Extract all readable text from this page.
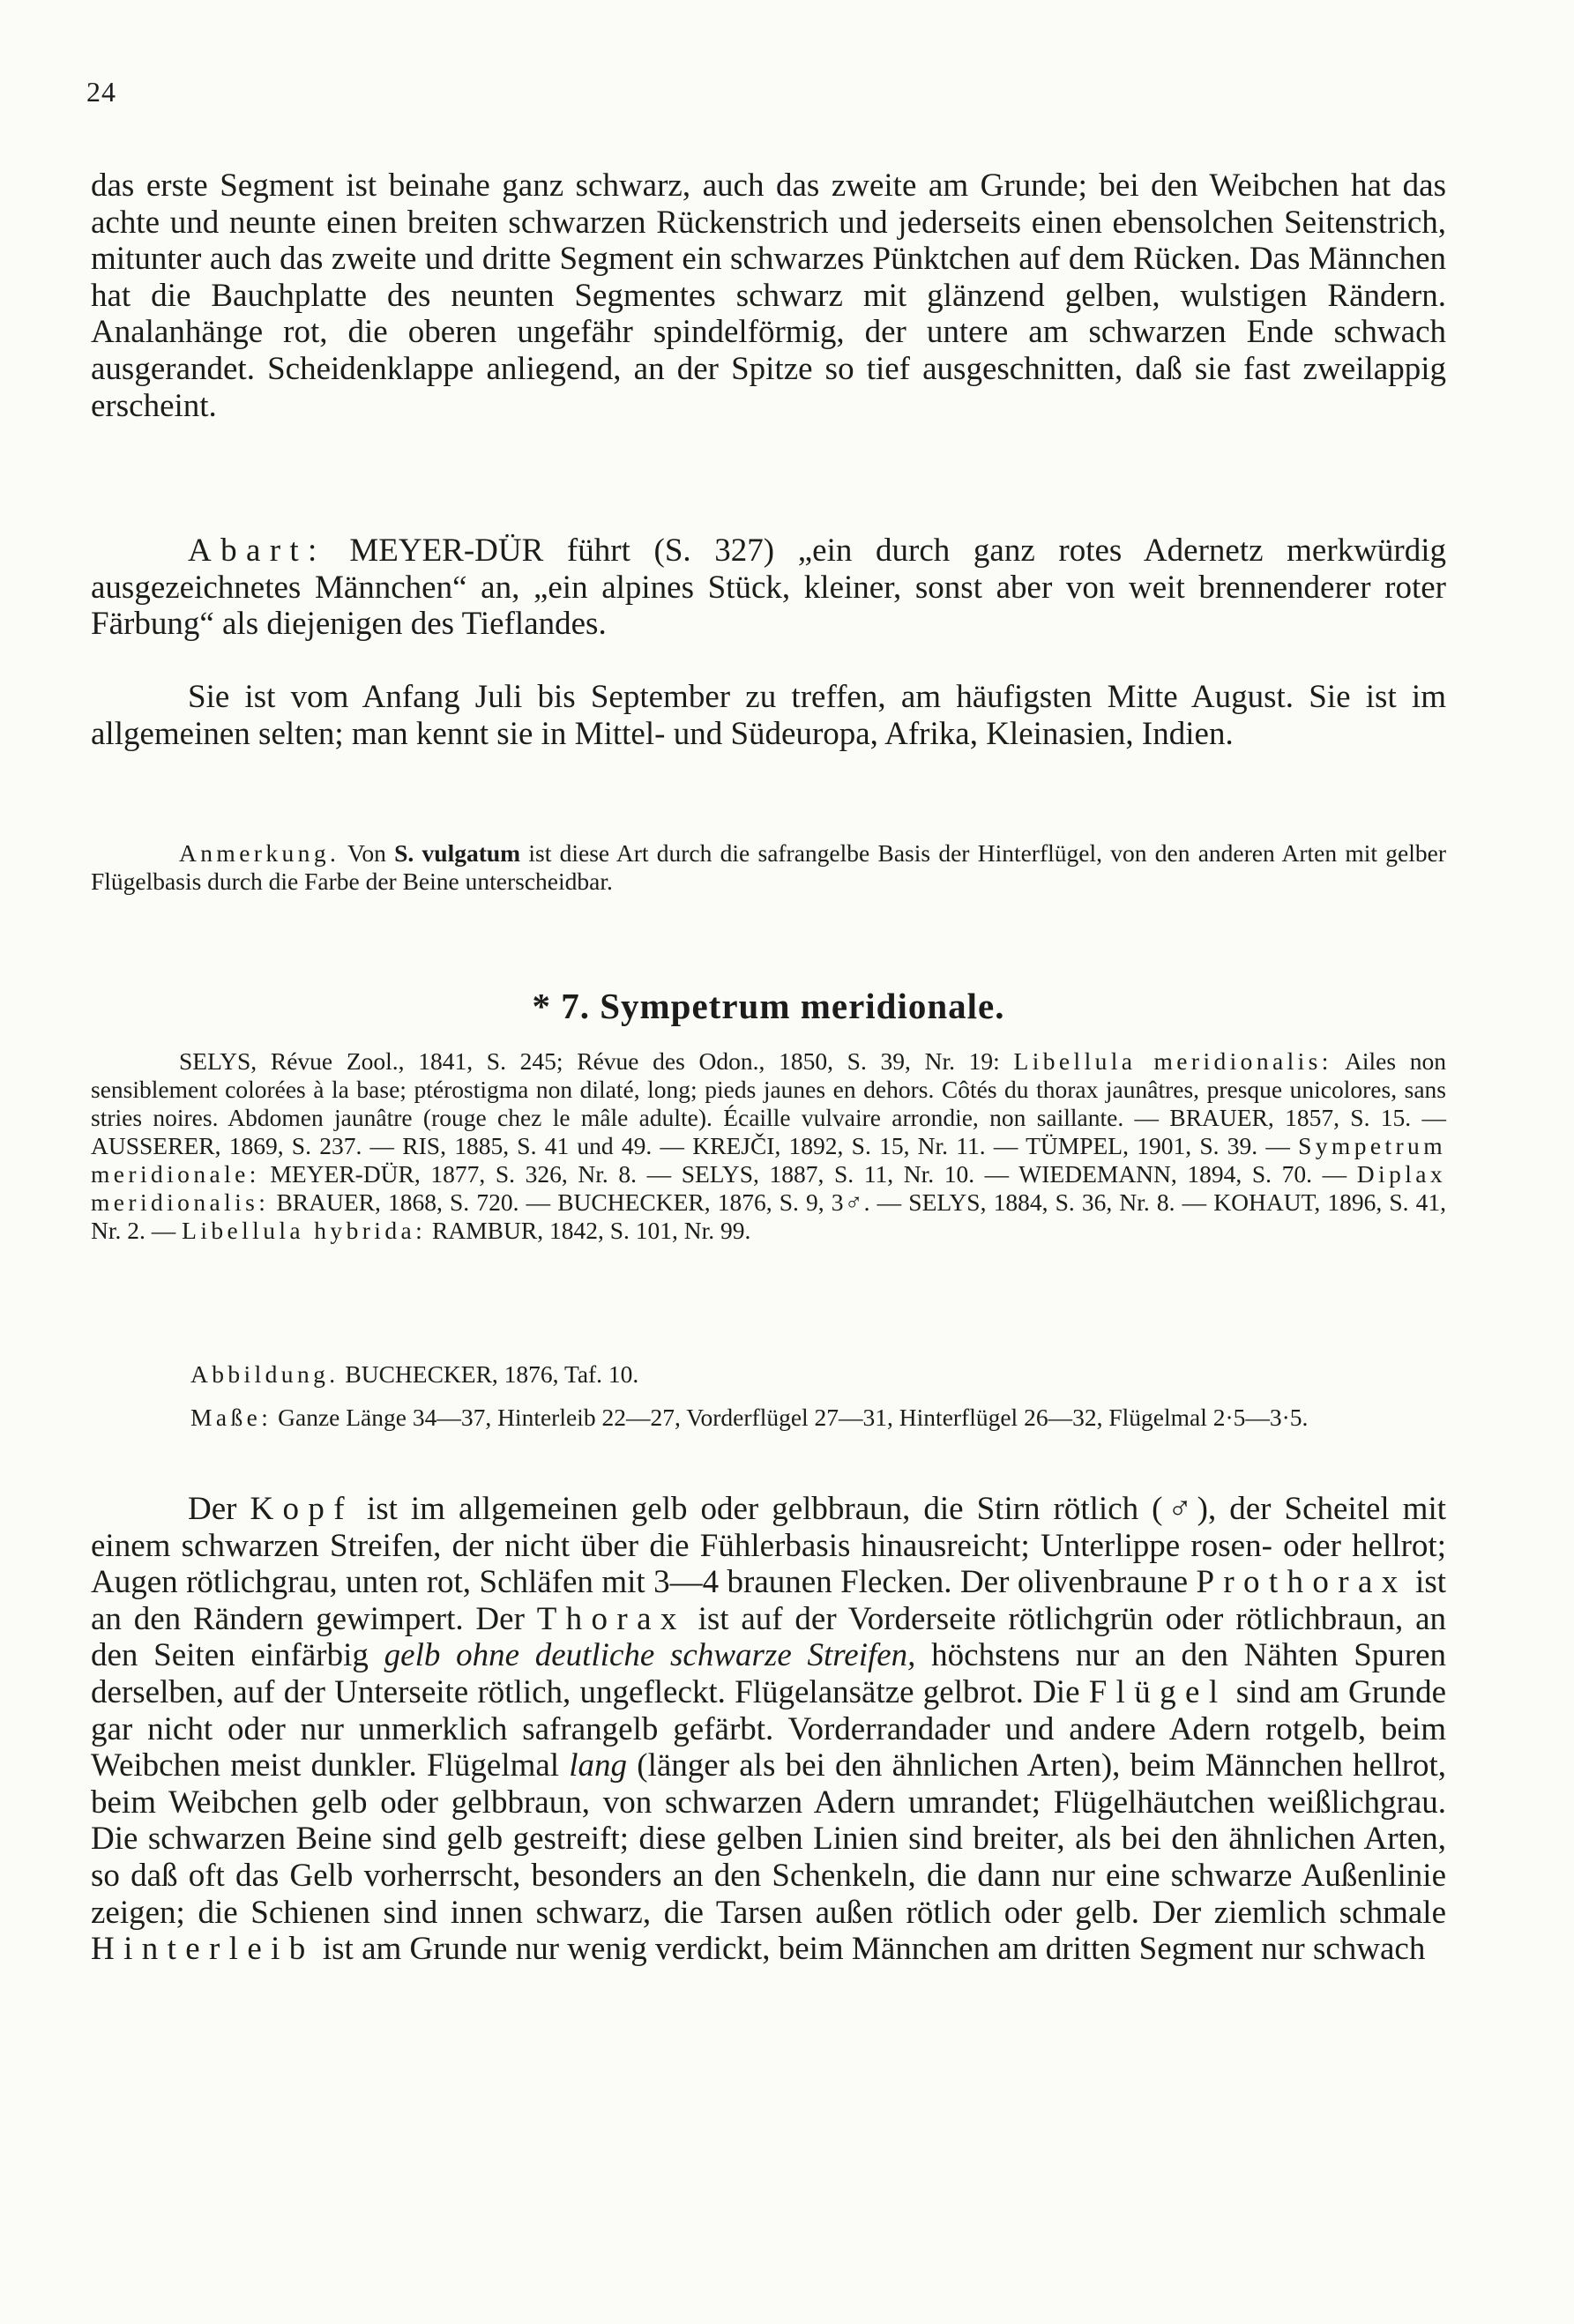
24

das erste Segment ist beinahe ganz schwarz, auch das zweite am Grunde; bei den Weibchen hat das achte und neunte einen breiten schwarzen Rückenstrich und jederseits einen ebensolchen Seitenstrich, mitunter auch das zweite und dritte Segment ein schwarzes Pünktchen auf dem Rücken. Das Männchen hat die Bauchplatte des neunten Segmentes schwarz mit glänzend gelben, wulstigen Rändern. Analanhänge rot, die oberen ungefähr spindelförmig, der untere am schwarzen Ende schwach ausgerandet. Scheidenklappe anliegend, an der Spitze so tief ausgeschnitten, daß sie fast zweilappig erscheint.

Abart: MEYER-DÜR führt (S. 327) „ein durch ganz rotes Adernetz merkwürdig ausgezeichnetes Männchen“ an, „ein alpines Stück, kleiner, sonst aber von weit brennenderer roter Färbung“ als diejenigen des Tieflandes.

Sie ist vom Anfang Juli bis September zu treffen, am häufigsten Mitte August. Sie ist im allgemeinen selten; man kennt sie in Mittel- und Südeuropa, Afrika, Kleinasien, Indien.

Anmerkung. Von S. vulgatum ist diese Art durch die safrangelbe Basis der Hinterflügel, von den anderen Arten mit gelber Flügelbasis durch die Farbe der Beine unterscheidbar.

* 7. Sympetrum meridionale.

SELYS, Révue Zool., 1841, S. 245; Révue des Odon., 1850, S. 39, Nr. 19: Libellula meridionalis: Ailes non sensiblement colorées à la base; ptérostigma non dilaté, long; pieds jaunes en dehors. Côtés du thorax jaunâtres, presque unicolores, sans stries noires. Abdomen jaunâtre (rouge chez le mâle adulte). Écaille vulvaire arrondie, non saillante. — BRAUER, 1857, S. 15. — AUSSERER, 1869, S. 237. — RIS, 1885, S. 41 und 49. — KREJČI, 1892, S. 15, Nr. 11. — TÜMPEL, 1901, S. 39. — Sympetrum meridionale: MEYER-DÜR, 1877, S. 326, Nr. 8. — SELYS, 1887, S. 11, Nr. 10. — WIEDEMANN, 1894, S. 70. — Diplax meridionalis: BRAUER, 1868, S. 720. — BUCHECKER, 1876, S. 9, 3♂. — SELYS, 1884, S. 36, Nr. 8. — KOHAUT, 1896, S. 41, Nr. 2. — Libellula hybrida: RAMBUR, 1842, S. 101, Nr. 99.

Abbildung. BUCHECKER, 1876, Taf. 10.

Maße: Ganze Länge 34—37, Hinterleib 22—27, Vorderflügel 27—31, Hinterflügel 26—32, Flügelmal 2·5—3·5.

Der Kopf ist im allgemeinen gelb oder gelbbraun, die Stirn rötlich (♂), der Scheitel mit einem schwarzen Streifen, der nicht über die Fühlerbasis hinausreicht; Unterlippe rosen- oder hellrot; Augen rötlichgrau, unten rot, Schläfen mit 3—4 braunen Flecken. Der olivenbraune Prothorax ist an den Rändern gewimpert. Der Thorax ist auf der Vorderseite rötlichgrün oder rötlichbraun, an den Seiten einfärbig gelb ohne deutliche schwarze Streifen, höchstens nur an den Nähten Spuren derselben, auf der Unterseite rötlich, ungefleckt. Flügelansätze gelbrot. Die Flügel sind am Grunde gar nicht oder nur unmerklich safrangelb gefärbt. Vorderrandader und andere Adern rotgelb, beim Weibchen meist dunkler. Flügelmal lang (länger als bei den ähnlichen Arten), beim Männchen hellrot, beim Weibchen gelb oder gelbbraun, von schwarzen Adern umrandet; Flügelhäutchen weißlichgrau. Die schwarzen Beine sind gelb gestreift; diese gelben Linien sind breiter, als bei den ähnlichen Arten, so daß oft das Gelb vorherrscht, besonders an den Schenkeln, die dann nur eine schwarze Außenlinie zeigen; die Schienen sind innen schwarz, die Tarsen außen rötlich oder gelb. Der ziemlich schmale Hinterleib ist am Grunde nur wenig verdickt, beim Männchen am dritten Segment nur schwach
